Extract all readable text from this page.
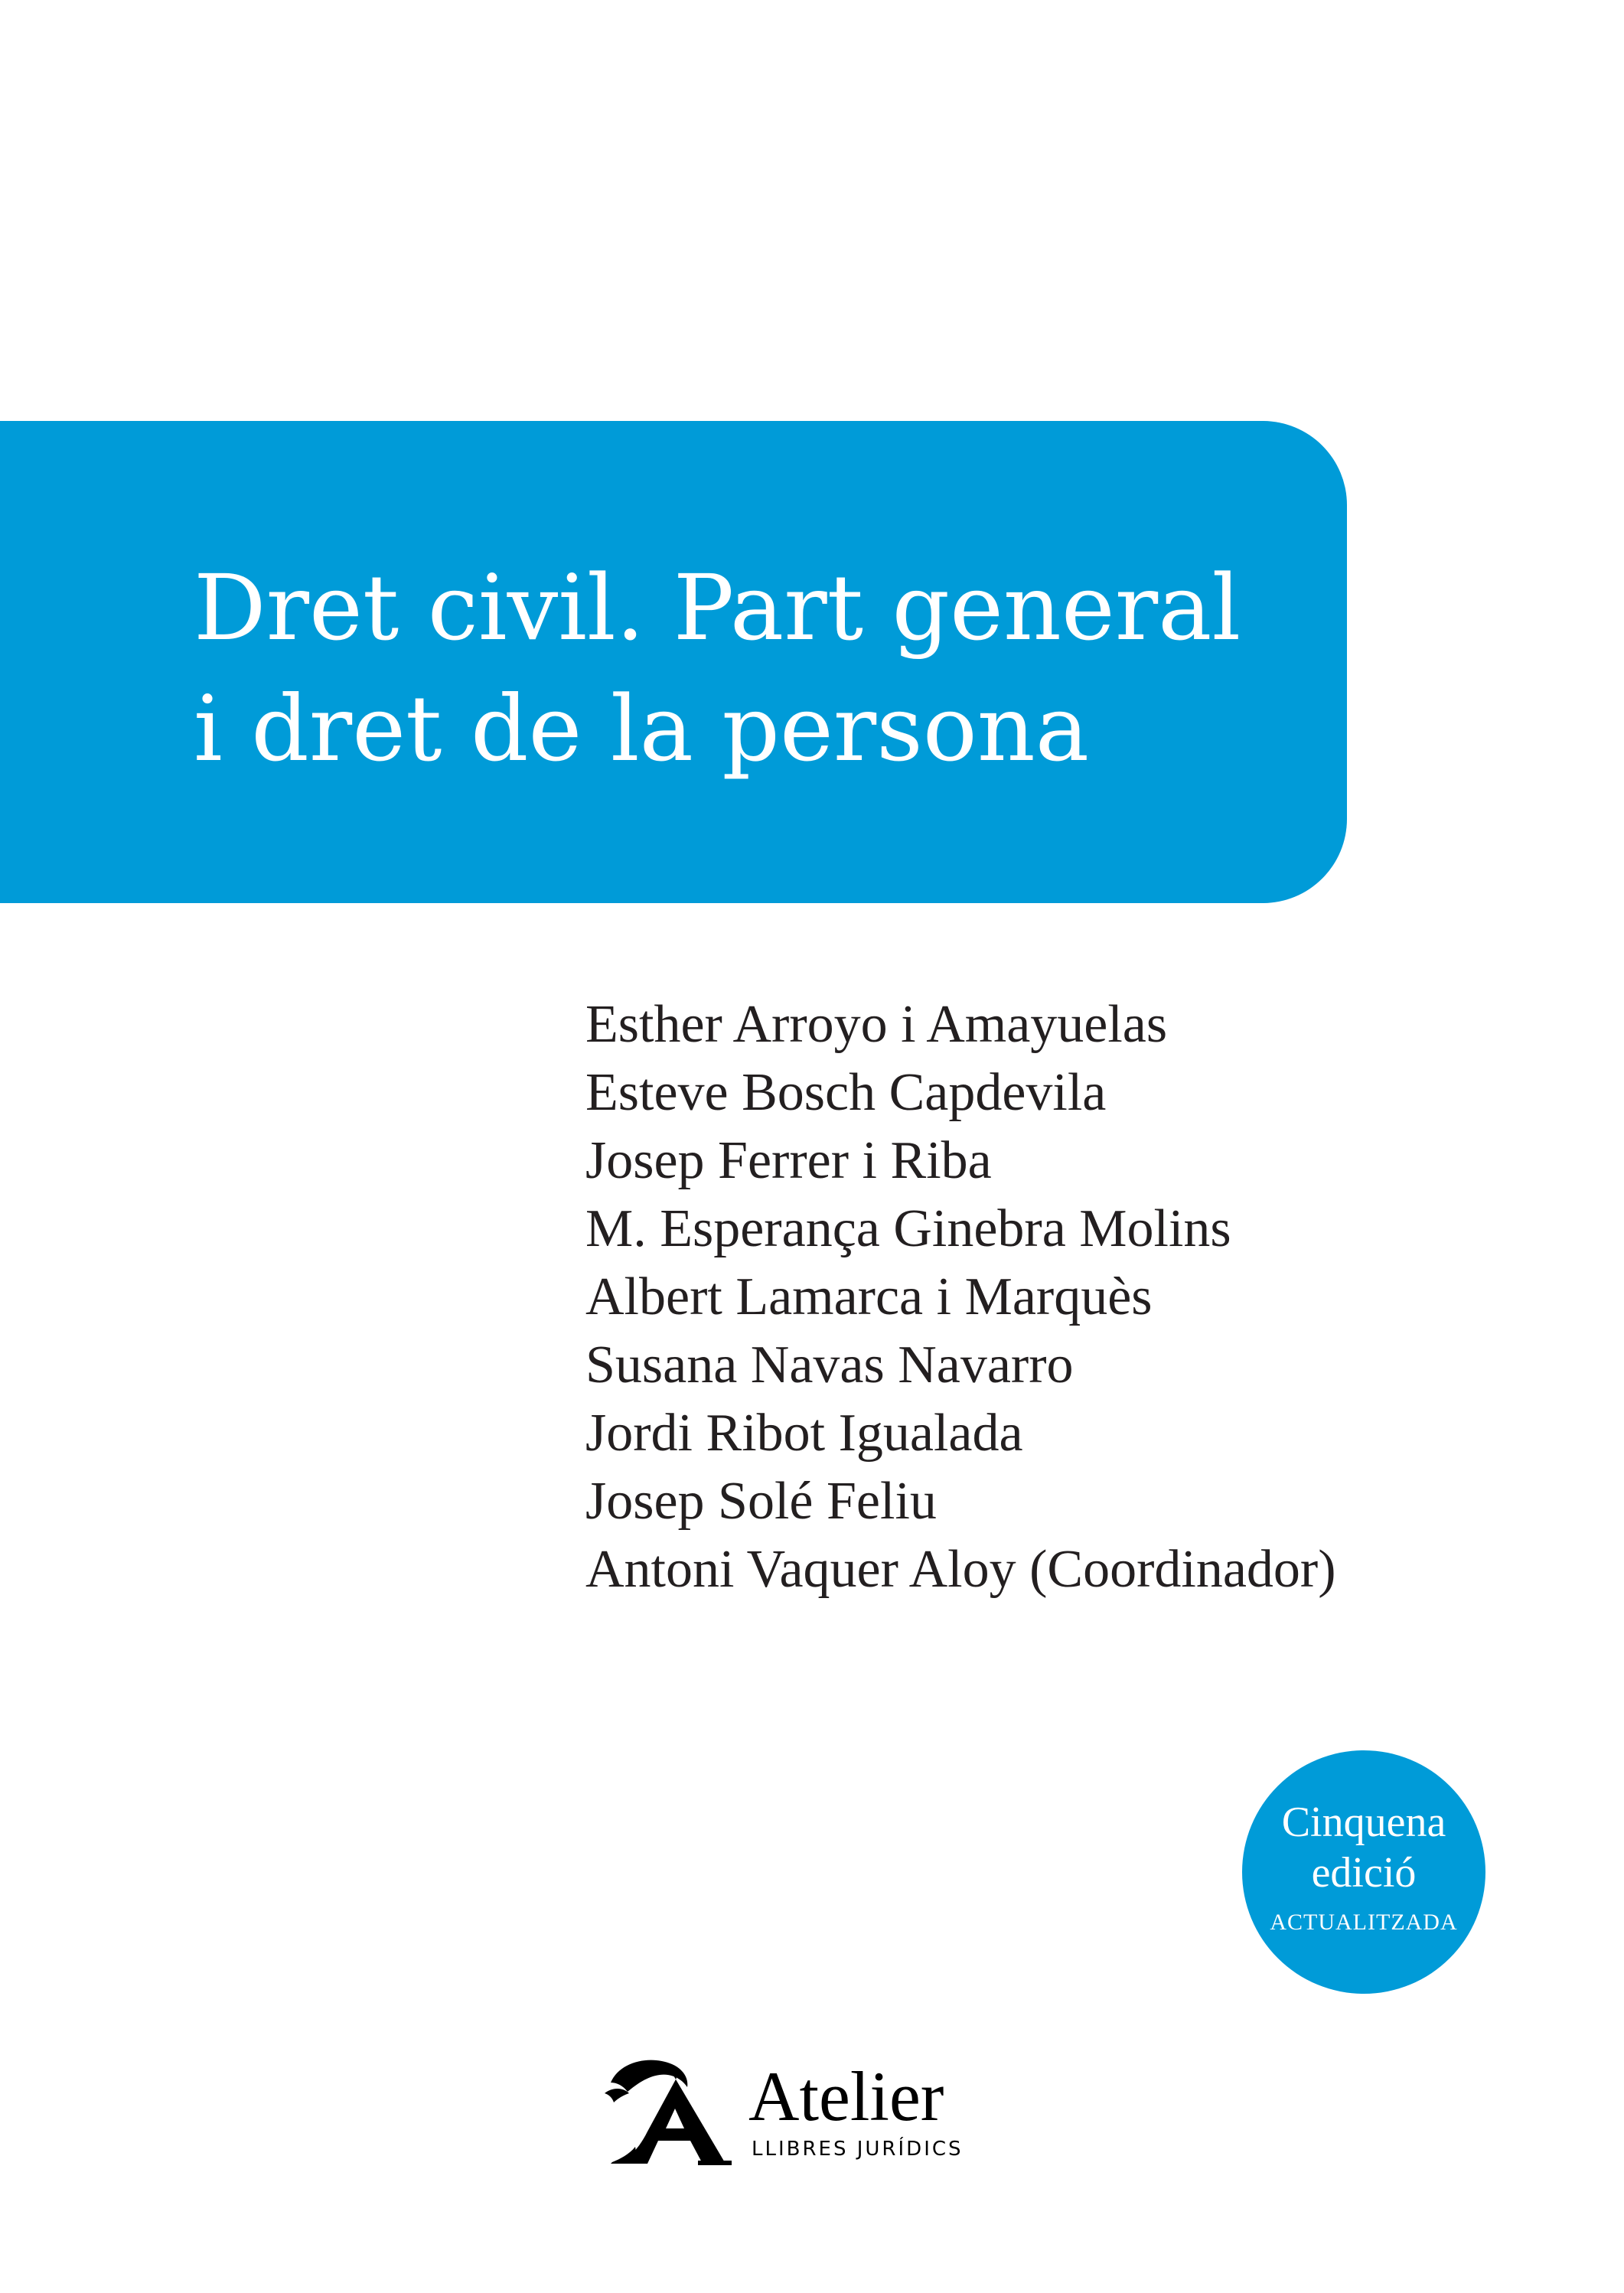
Dret civil. Part general
i dret de la persona
Esther Arroyo i Amayuelas
Esteve Bosch Capdevila
Josep Ferrer i Riba
M. Esperança Ginebra Molins
Albert Lamarca i Marquès
Susana Navas Navarro
Jordi Ribot Igualada
Josep Solé Feliu
Antoni Vaquer Aloy (Coordinador)
Cinquena
edició
ACTUALITZADA
Atelier
LLIBRES JURÍDICS
